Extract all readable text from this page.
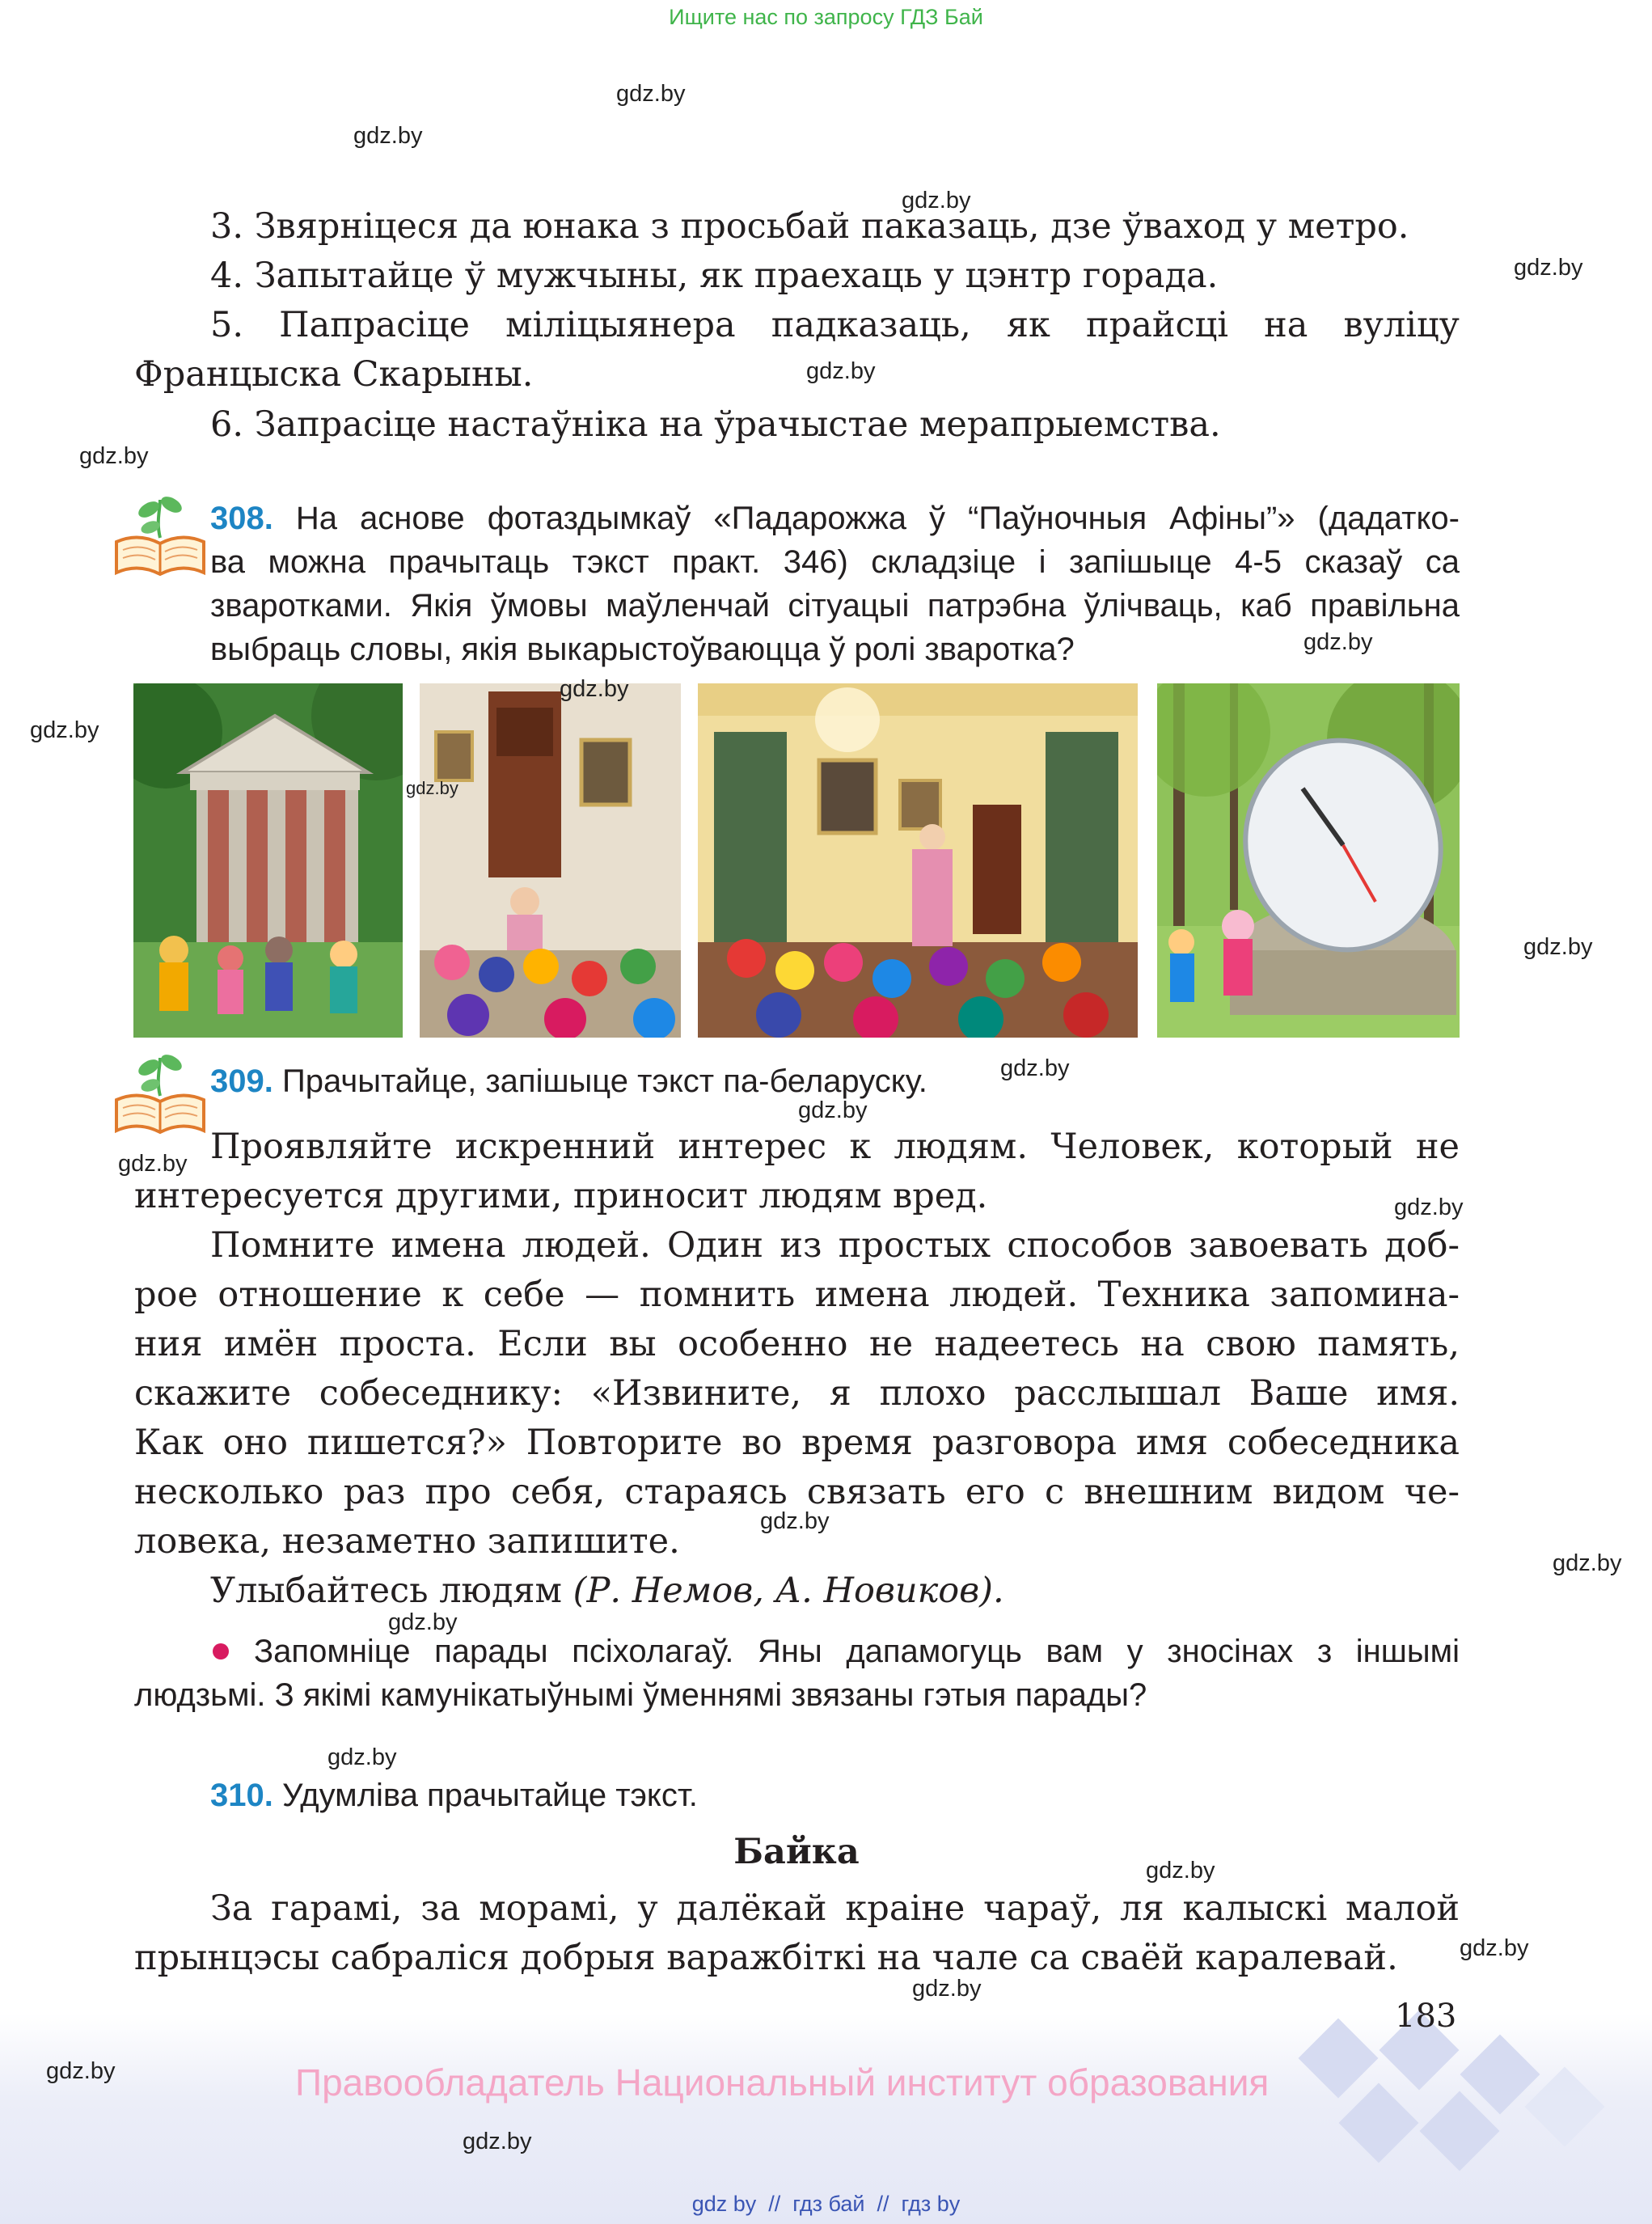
Ищите нас по запросу ГДЗ Бай
3. Звярніцеся да юнака з просьбай паказаць, дзе ўваход у метро.
4. Запытайце ў мужчыны, як праехаць у цэнтр горада.
5. Папрасіце міліцыянера падказаць, як прайсці на вуліцу
Францыска Скарыны.
6. Запрасіце настаўніка на ўрачыстае мерапрыемства.
308. На аснове фотаздымкаў «Падарожжа ў “Паўночныя Афіны”» (дадатко-
ва можна прачытаць тэкст практ. 346) складзіце і запішыце 4-5 сказаў са
зваротками. Якія ўмовы маўленчай сітуацыі патрэбна ўлічваць, каб правільна
выбраць словы, якія выкарыстоўваюцца ў ролі звароткa?
309. Прачытайце, запішыце тэкст па-беларуску.
Проявляйте искренний интерес к людям. Человек, который не
интересуется другими, приносит людям вред.
Помните имена людей. Один из простых способов завоевать доб-
рое отношение к себе — помнить имена людей. Техника запомина-
ния имён проста. Если вы особенно не надеетесь на свою память,
скажите собеседнику: «Извините, я плохо расслышал Ваше имя.
Как оно пишется?» Повторите во время разговора имя собеседника
несколько раз про себя, стараясь связать его с внешним видом че-
ловека, незаметно запишите.
Улыбайтесь людям (Р. Немов, А. Новиков).
Запомніце парады псіхолагаў. Яны дапамогуць вам у зносінах з іншымі
людзьмі. З якімі камунікатыўнымі ўменнямі звязаны гэтыя парады?
310. Удумліва прачытайце тэкст.
Байка
За гарамі, за морамі, у далёкай краіне чараў, ля калыскі малой
прынцэсы сабраліся добрыя варажбіткі на чале са сваёй каралевай.
183
Правообладатель Национальный институт образования
gdz by  //  гдз бай  //  гдз by
gdz.by
gdz.by
gdz.by
gdz.by
gdz.by
gdz.by
gdz.by
gdz.by
gdz.by
gdz.by
gdz.by
gdz.by
gdz.by
gdz.by
gdz.by
gdz.by
gdz.by
gdz.by
gdz.by
gdz.by
gdz.by
gdz.by
gdz.by
gdz.by
